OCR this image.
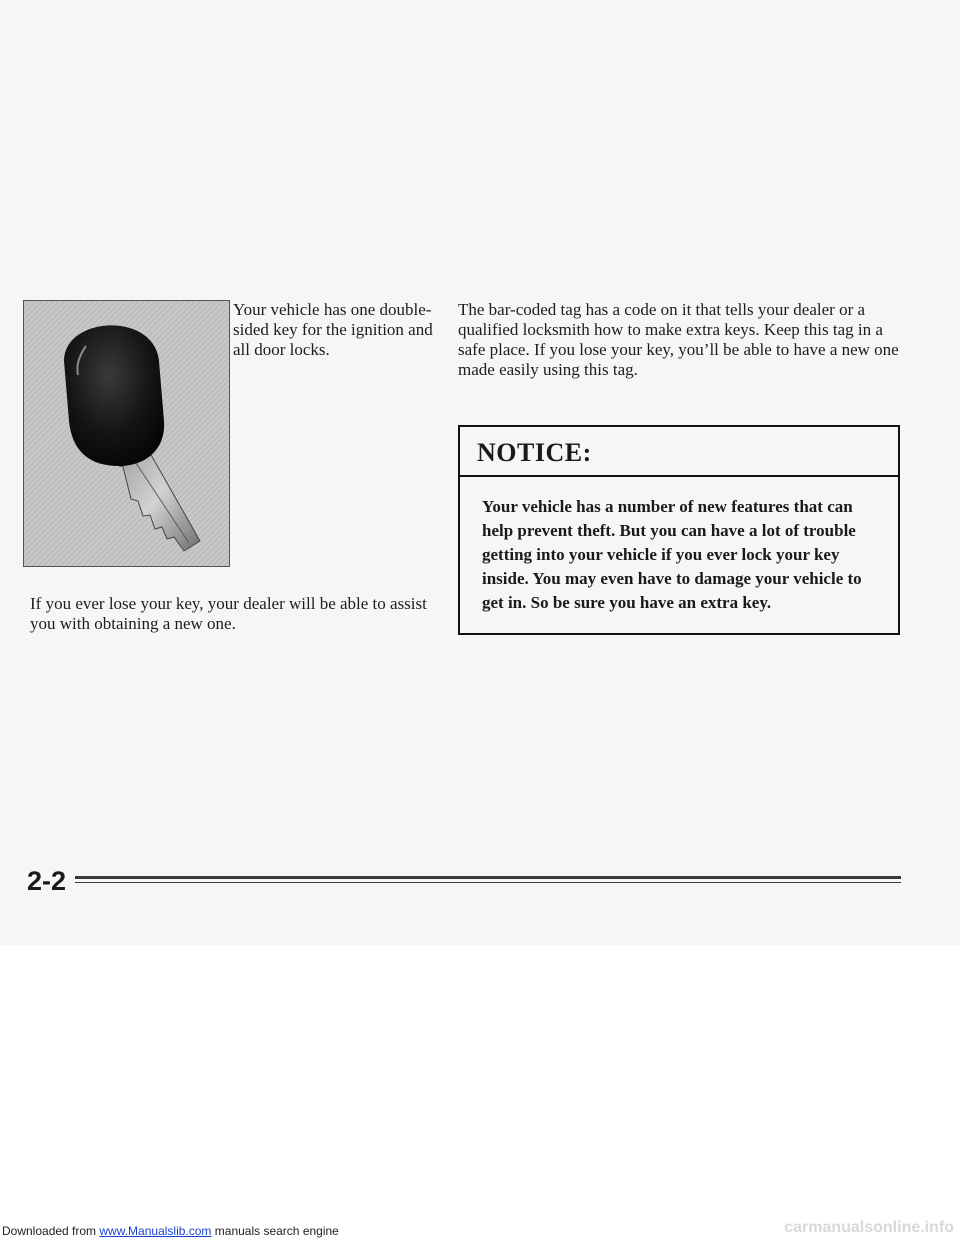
Your vehicle has one double-sided key for the ignition and all door locks.

If you ever lose your key, your dealer will be able to assist you with obtaining a new one.

The bar-coded tag has a code on it that tells your dealer or a qualified locksmith how to make extra keys. Keep this tag in a safe place. If you lose your key, you’ll be able to have a new one made easily using this tag.

NOTICE:

Your vehicle has a number of new features that can help prevent theft. But you can have a lot of trouble getting into your vehicle if you ever lock your key inside. You may even have to damage your vehicle to get in. So be sure you have an extra key.

2-2
Downloaded from www.Manualslib.com manuals search engine	carmanualsonline.info
